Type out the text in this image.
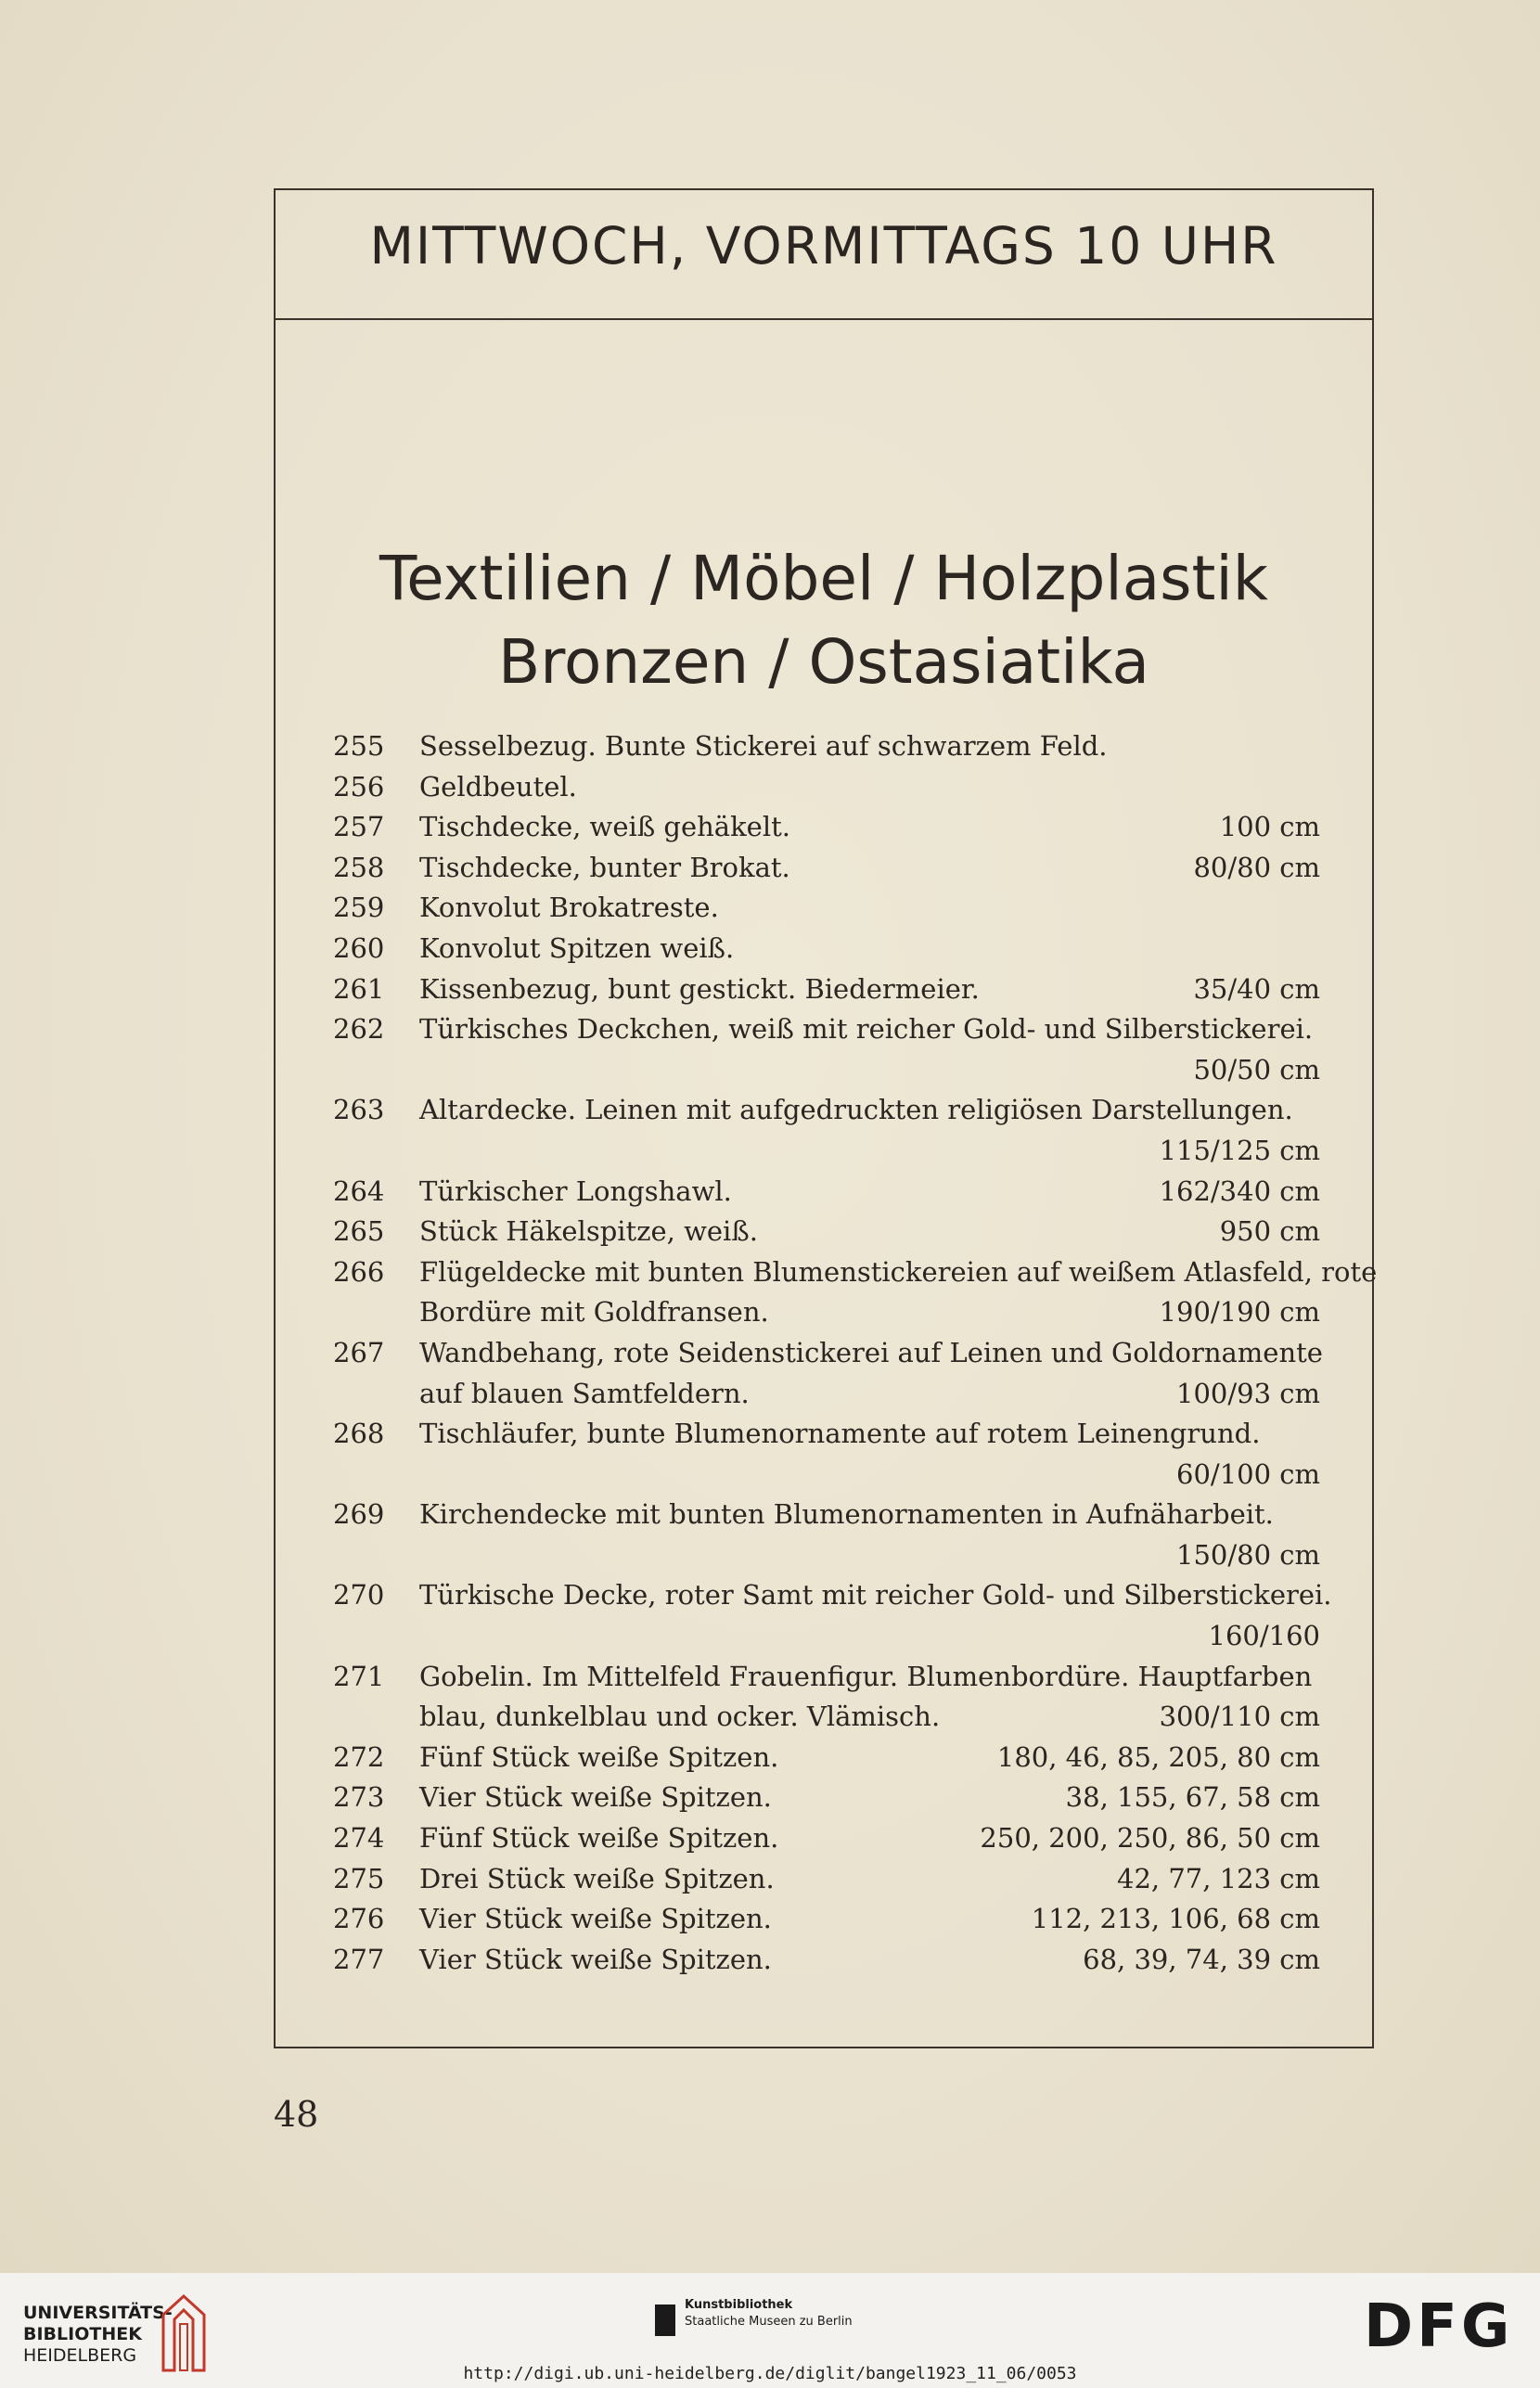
MITTWOCH, VORMITTAGS 10 UHR
Textilien / Möbel / Holzplastik
Bronzen / Ostasiatika
255 Sesselbezug. Bunte Stickerei auf schwarzem Feld.
256 Geldbeutel.
257 Tischdecke, weiß gehäkelt.	100 cm
258 Tischdecke, bunter Brokat.	80/80 cm
259 Konvolut Brokatreste.
260 Konvolut Spitzen weiß.
261 Kissenbezug, bunt gestickt. Biedermeier.	35/40 cm
262 Türkisches Deckchen, weiß mit reicher Gold- und Silberstickerei.
50/50 cm
263 Altardecke. Leinen mit aufgedruckten religiösen Darstellungen.
115/125 cm
264 Türkischer Longshawl.	162/340 cm
265 Stück Häkelspitze, weiß.	950 cm
266 Flügeldecke mit bunten Blumenstickereien auf weißem Atlasfeld, rote
Bordüre mit Goldfransen.	190/190 cm
267 Wandbehang, rote Seidenstickerei auf Leinen und Goldornamente
auf blauen Samtfeldern.	100/93 cm
268 Tischläufer, bunte Blumenornamente auf rotem Leinengrund.
60/100 cm
269 Kirchendecke mit bunten Blumenornamenten in Aufnäharbeit.
150/80 cm
270 Türkische Decke, roter Samt mit reicher Gold- und Silberstickerei.
160/160
271 Gobelin. Im Mittelfeld Frauenfigur. Blumenbordüre. Hauptfarben
blau, dunkelblau und ocker. Vlämisch.	300/110 cm
272 Fünf Stück weiße Spitzen.	180, 46, 85, 205, 80 cm
273 Vier Stück weiße Spitzen.	38, 155, 67, 58 cm
274 Fünf Stück weiße Spitzen.	250, 200, 250, 86, 50 cm
275 Drei Stück weiße Spitzen.	42, 77, 123 cm
276 Vier Stück weiße Spitzen.	112, 213, 106, 68 cm
277 Vier Stück weiße Spitzen.	68, 39, 74, 39 cm
48
UNIVERSITÄTS-
BIBLIOTHEK
HEIDELBERG
Kunstbibliothek
Staatliche Museen zu Berlin	DFG
http://digi.ub.uni-heidelberg.de/diglit/bangel1923_11_06/0053
